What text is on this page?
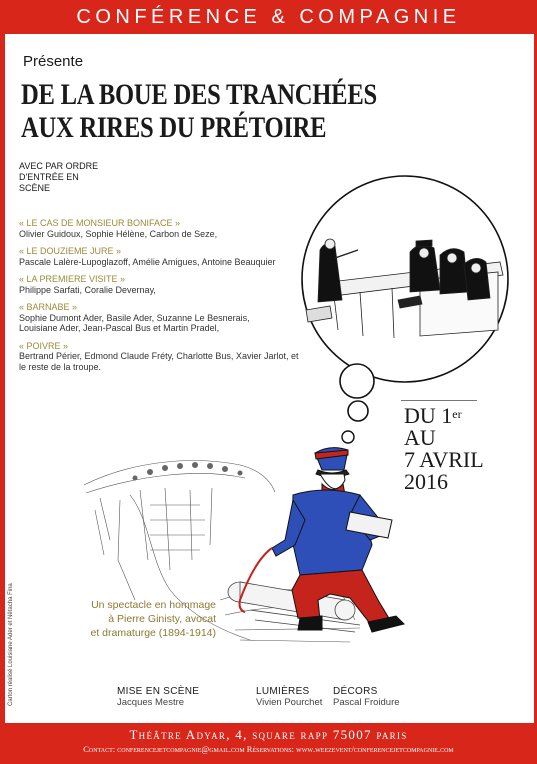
CONFÉRENCE & COMPAGNIE
Présente
DE LA BOUE DES TRANCHÉES
AUX RIRES DU PRÉTOIRE
AVEC PAR ORDRE D'ENTRÉE EN SCÈNE
« LE CAS DE MONSIEUR BONIFACE »
Olivier Guidoux, Sophie Hélène, Carbon de Seze,
« LE DOUZIEME JURE »
Pascale Lalère-Lupoglazoff, Amélie Amigues, Antoine Beauquier
« LA PREMIERE VISITE »
Philippe Sarfati, Coralie Devernay,
« BARNABE »
Sophie Dumont Ader, Basile Ader, Suzanne Le Besnerais, Louisiane Ader, Jean-Pascal Bus et Martin Pradel,
« POIVRE »
Bertrand Périer, Edmond Claude Fréty, Charlotte Bus, Xavier Jarlot, et le reste de la troupe.
DU 1er
AU
7 AVRIL
2016
Un spectacle en hommage
à Pierre Ginisty, avocat
et dramaturge (1894-1914)
Carton réalisé Louisiane Ader et Nêtacha Fina	MISE EN SCÈNE
Jacques Mestre
LUMIÈRES
Vivien Pourchet
DÉCORS
Pascal Froidure
Théâtre Adyar, 4, square rapp 75007 paris
Contact: conferencejetcompagnie@gmail.com Réservations: www.weezevent/conferencejetcompagnie.com
